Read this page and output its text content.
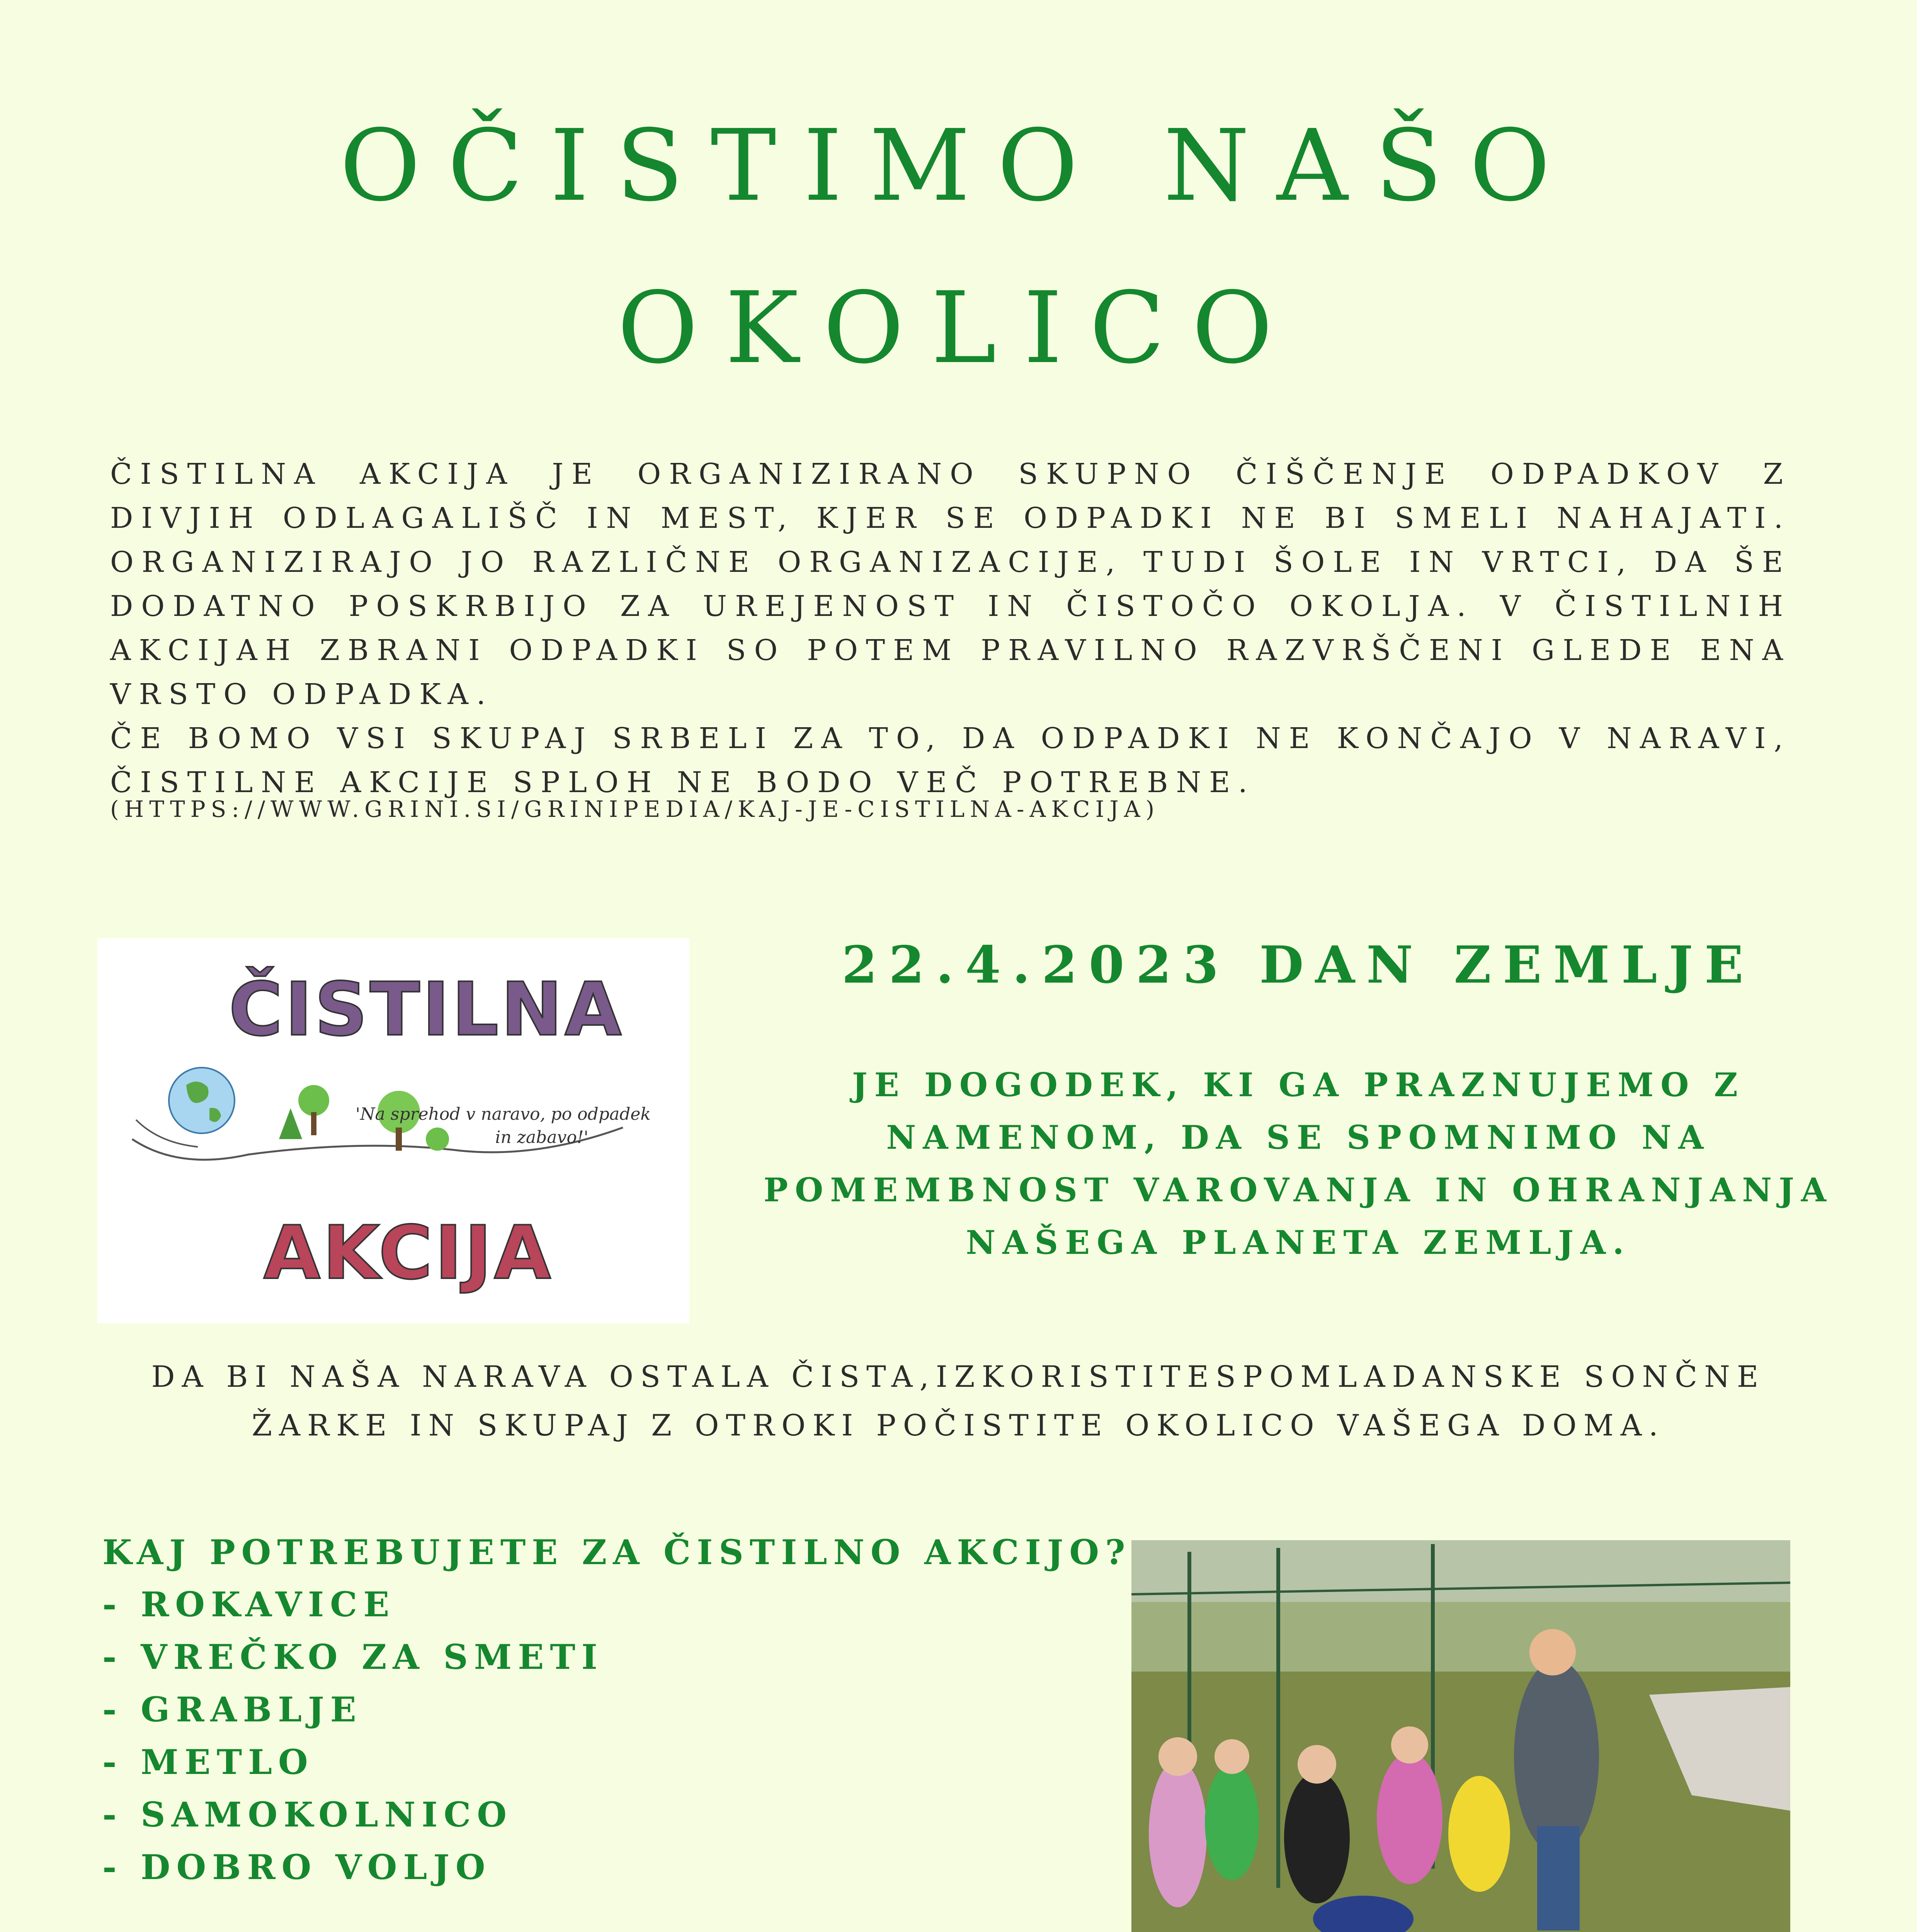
OČISTIMO NAŠO
OKOLICO

ČISTILNA AKCIJA JE ORGANIZIRANO SKUPNO ČIŠČENJE ODPADKOV Z DIVJIH ODLAGALIŠČ IN MEST, KJER SE ODPADKI NE BI SMELI NAHAJATI. ORGANIZIRAJO JO RAZLIČNE ORGANIZACIJE, TUDI ŠOLE IN VRTCI, DA ŠE DODATNO POSKRBIJO ZA UREJENOST IN ČISTOČO OKOLJA. V ČISTILNIH AKCIJAH ZBRANI ODPADKI SO POTEM PRAVILNO RAZVRŠČENI GLEDE ENA VRSTO ODPADKA.

ČE BOMO VSI SKUPAJ SRBELI ZA TO, DA ODPADKI NE KONČAJO V NARAVI, ČISTILNE AKCIJE SPLOH NE BODO VEČ POTREBNE.

(HTTPS://WWW.GRINI.SI/GRINIPEDIA/KAJ-JE-CISTILNA-AKCIJA)
ČISTILNA
'Na sprehod v naravo, po odpadek
in zabavo!'
AKCIJA
22.4.2023 DAN ZEMLJE
JE DOGODEK, KI GA PRAZNUJEMO Z NAMENOM, DA SE SPOMNIMO NA POMEMBNOST VAROVANJA IN OHRANJANJA NAŠEGA PLANETA ZEMLJA.
DA BI NAŠA NARAVA OSTALA ČISTA,IZKORISTITESPOMLADANSKE SONČNE ŽARKE IN SKUPAJ Z OTROKI POČISTITE OKOLICO VAŠEGA DOMA.
KAJ POTREBUJETE ZA ČISTILNO AKCIJO?
- ROKAVICE
- VREČKO ZA SMETI
- GRABLJE
- METLO
- SAMOKOLNICO
- DOBRO VOLJO
